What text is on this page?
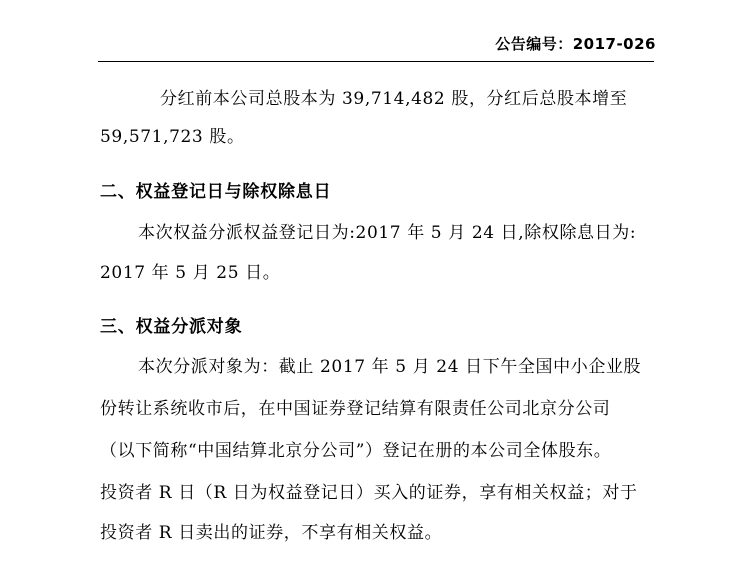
公告编号：2017-026
分红前本公司总股本为 39,714,482 股，分红后总股本增至
59,571,723 股。
二、权益登记日与除权除息日
本次权益分派权益登记日为:2017 年 5 月 24 日,除权除息日为:
2017 年 5 月 25 日。
三、权益分派对象
本次分派对象为：截止 2017 年 5 月 24 日下午全国中小企业股
份转让系统收市后，在中国证券登记结算有限责任公司北京分公司
（以下简称“中国结算北京分公司”）登记在册的本公司全体股东。
投资者 R 日（R 日为权益登记日）买入的证券，享有相关权益；对于
投资者 R 日卖出的证券，不享有相关权益。
